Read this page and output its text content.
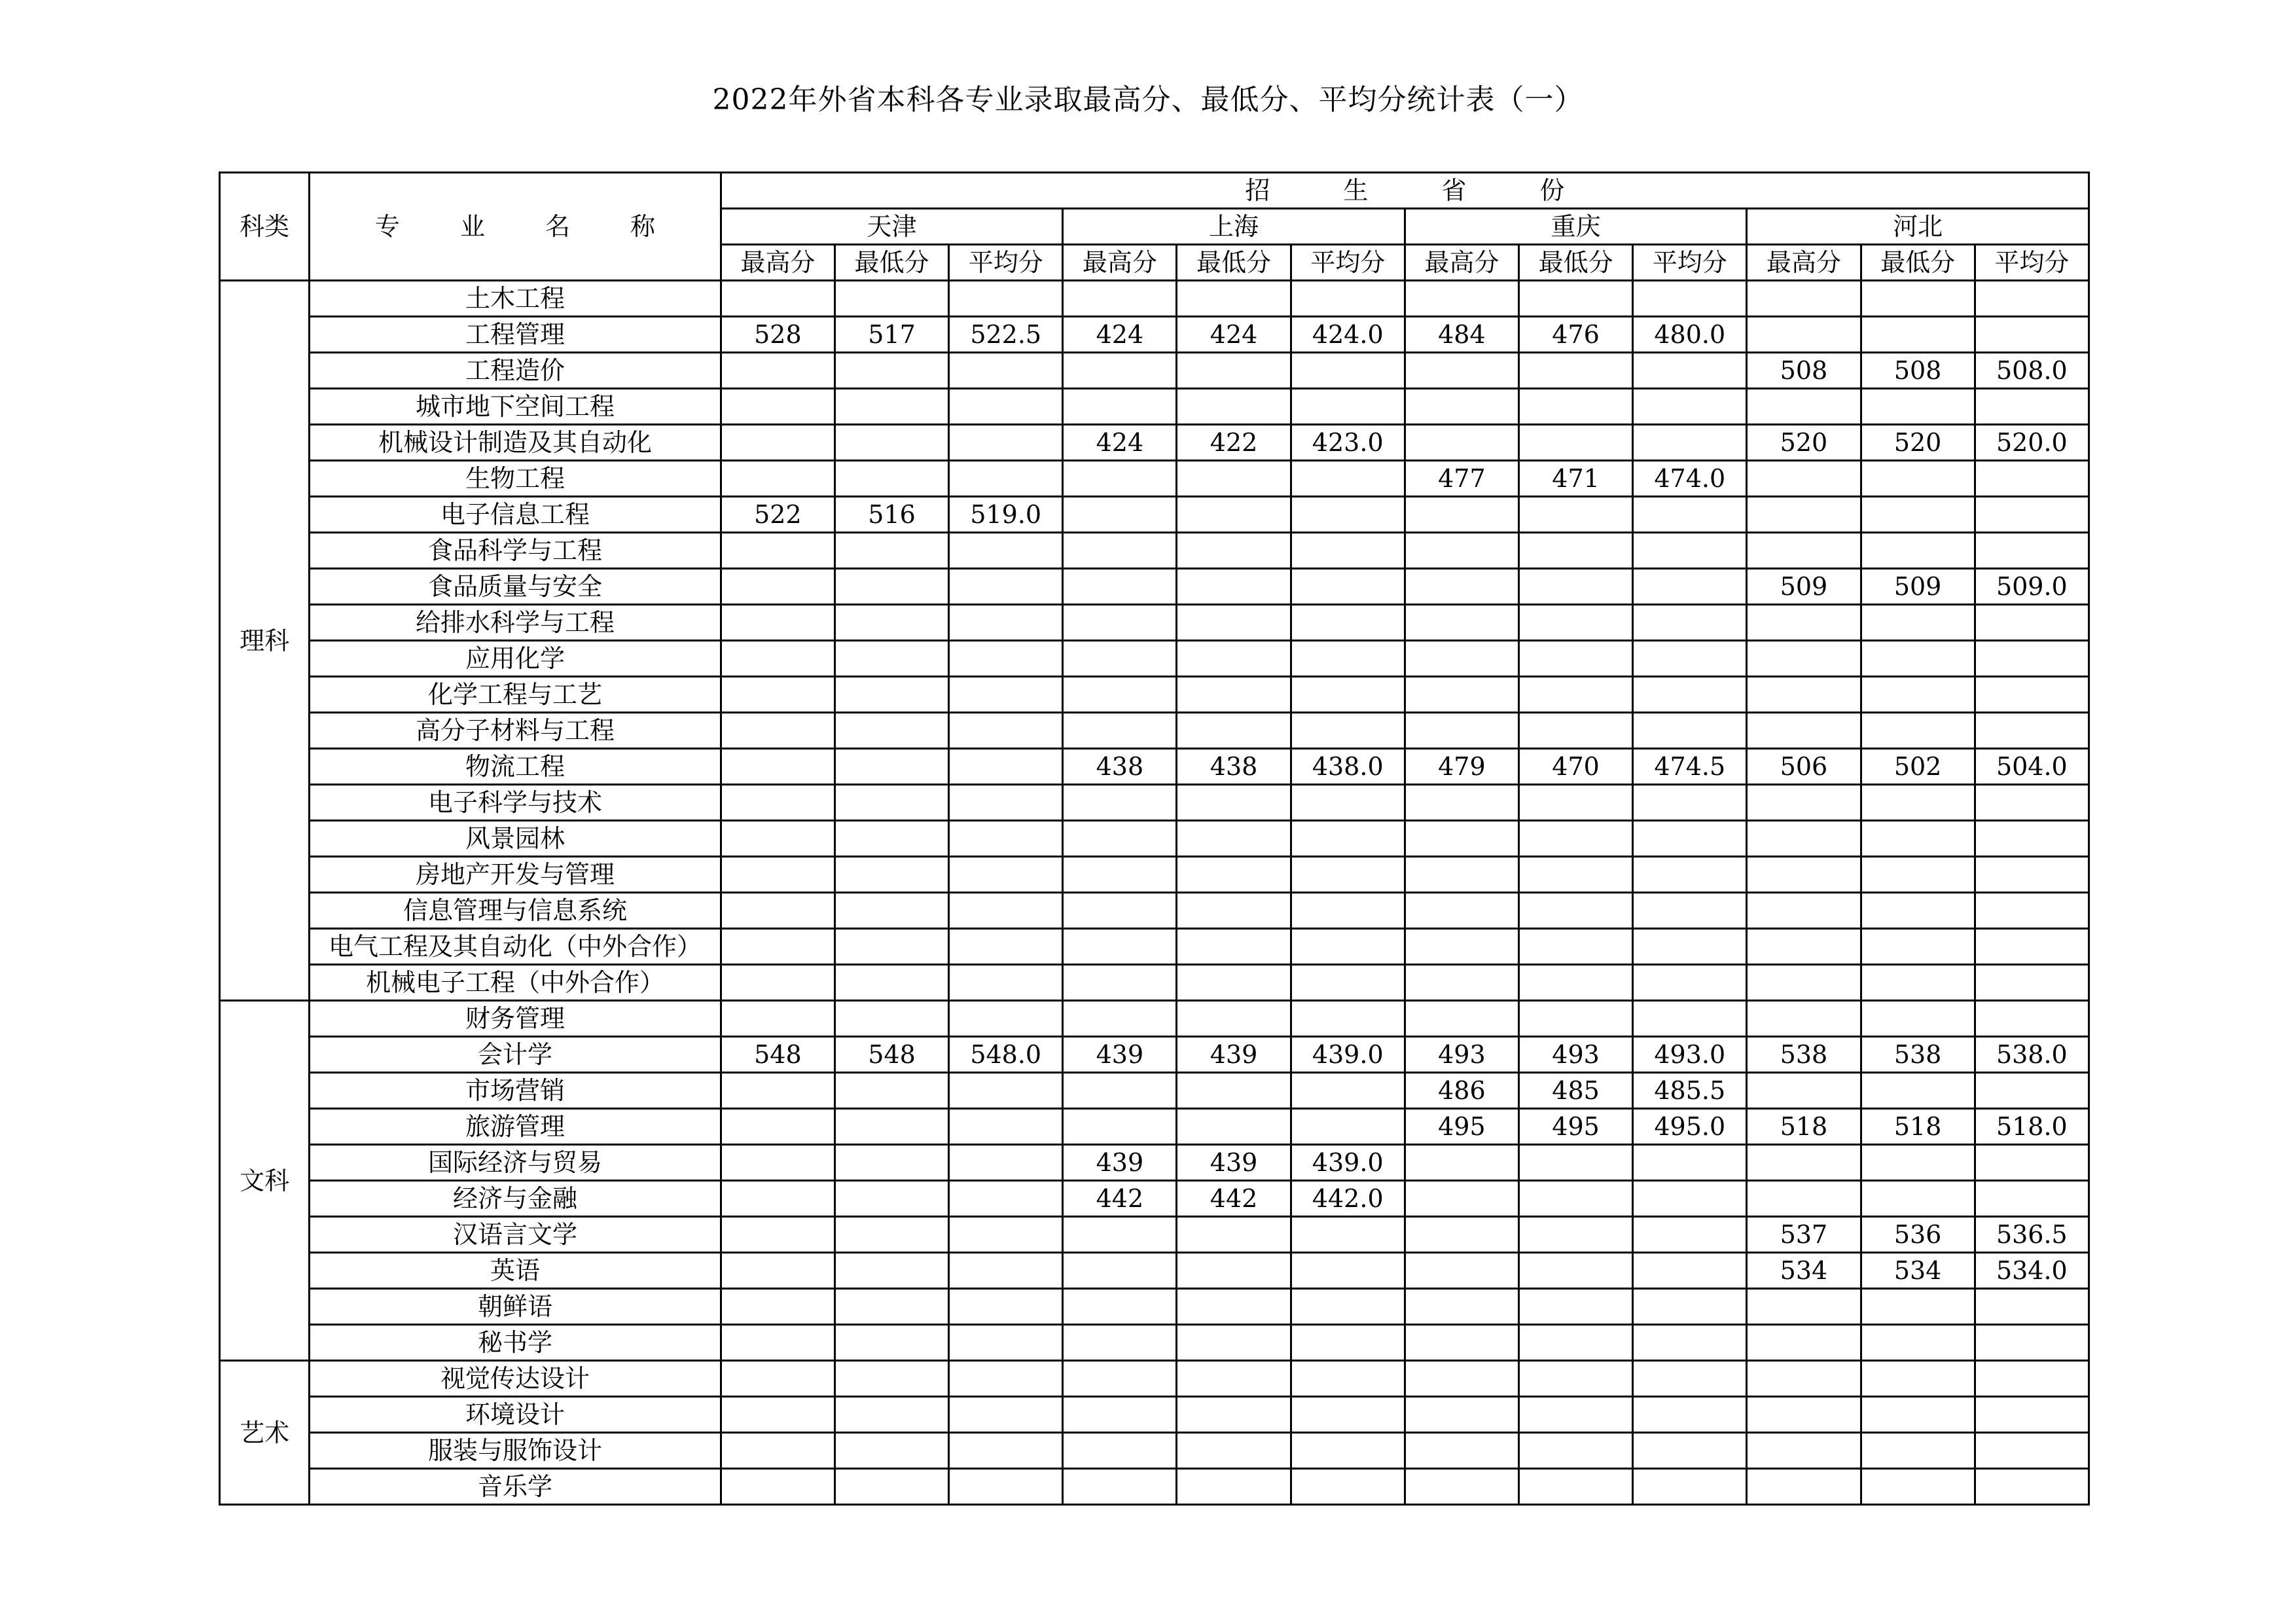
2022年外省本科各专业录取最高分、最低分、平均分统计表（一）
科类	专 业 名 称	招 生 省 份											
		天津			上海			重庆			河北		
		最高分	最低分	平均分	最高分	最低分	平均分	最高分	最低分	平均分	最高分	最低分	平均分
理科	土木工程												
	工程管理	528	517	522.5	424	424	424.0	484	476	480.0			
	工程造价										508	508	508.0
	城市地下空间工程												
	机械设计制造及其自动化				424	422	423.0				520	520	520.0
	生物工程							477	471	474.0			
	电子信息工程	522	516	519.0									
	食品科学与工程												
	食品质量与安全										509	509	509.0
	给排水科学与工程												
	应用化学												
	化学工程与工艺												
	高分子材料与工程												
	物流工程				438	438	438.0	479	470	474.5	506	502	504.0
	电子科学与技术												
	风景园林												
	房地产开发与管理												
	信息管理与信息系统												
	电气工程及其自动化（中外合作）												
	机械电子工程（中外合作）												
文科	财务管理												
	会计学	548	548	548.0	439	439	439.0	493	493	493.0	538	538	538.0
	市场营销							486	485	485.5			
	旅游管理							495	495	495.0	518	518	518.0
	国际经济与贸易				439	439	439.0						
	经济与金融				442	442	442.0						
	汉语言文学										537	536	536.5
	英语										534	534	534.0
	朝鲜语												
	秘书学												
艺术	视觉传达设计												
	环境设计												
	服装与服饰设计												
	音乐学												
